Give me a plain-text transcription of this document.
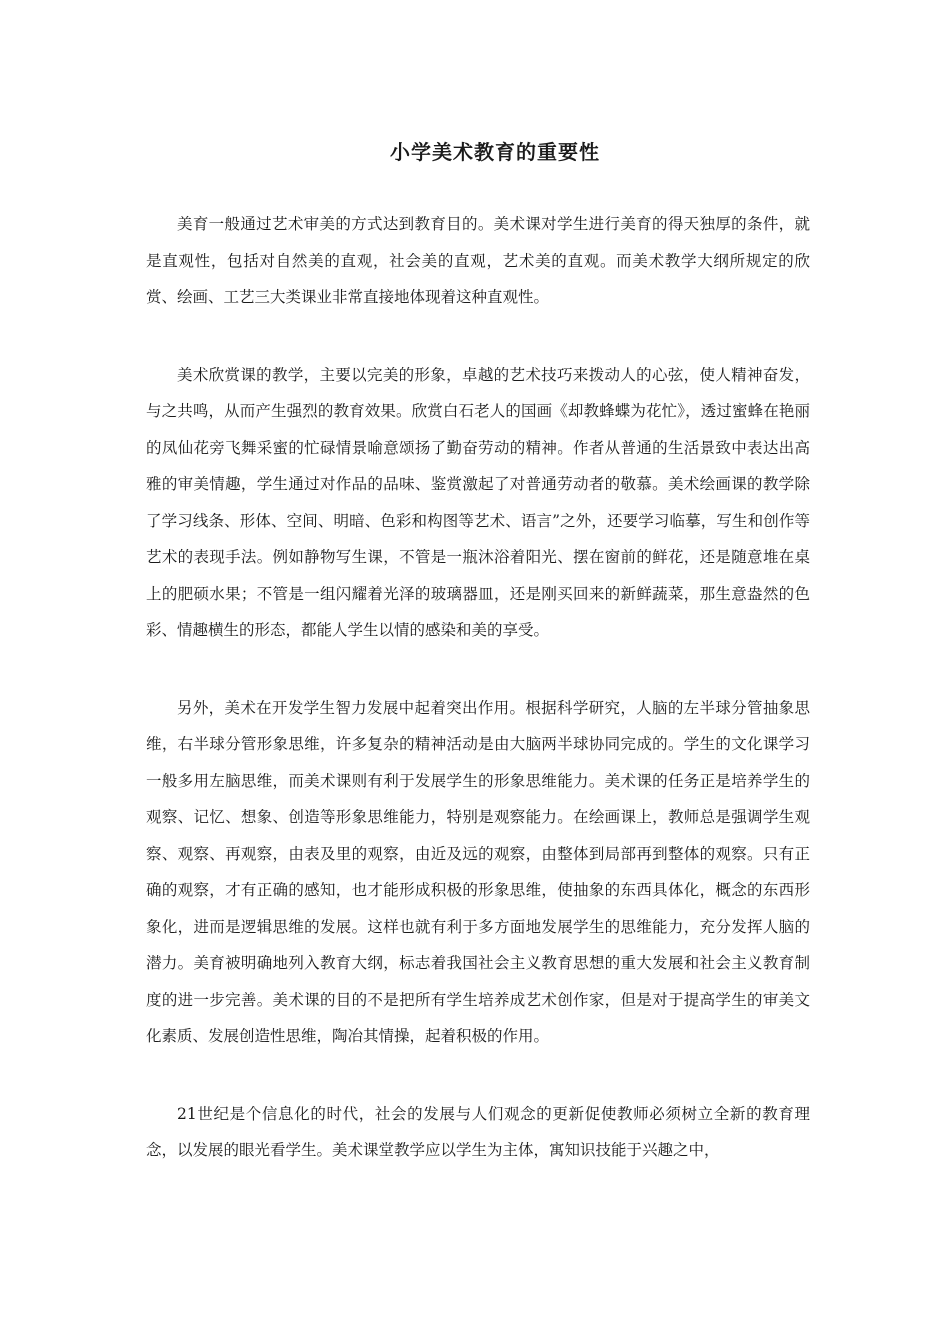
小学美术教育的重要性

美育一般通过艺术审美的方式达到教育目的。美术课对学生进行美育的得天独厚的条件，就是直观性，包括对自然美的直观，社会美的直观，艺术美的直观。而美术教学大纲所规定的欣赏、绘画、工艺三大类课业非常直接地体现着这种直观性。

美术欣赏课的教学，主要以完美的形象，卓越的艺术技巧来拨动人的心弦，使人精神奋发，与之共鸣，从而产生强烈的教育效果。欣赏白石老人的国画《却教蜂蝶为花忙》，透过蜜蜂在艳丽的凤仙花旁飞舞采蜜的忙碌情景喻意颂扬了勤奋劳动的精神。作者从普通的生活景致中表达出高雅的审美情趣，学生通过对作品的品味、鉴赏激起了对普通劳动者的敬慕。美术绘画课的教学除了学习线条、形体、空间、明暗、色彩和构图等艺术、语言”之外，还要学习临摹，写生和创作等艺术的表现手法。例如静物写生课，不管是一瓶沐浴着阳光、摆在窗前的鲜花，还是随意堆在桌上的肥硕水果；不管是一组闪耀着光泽的玻璃器皿，还是刚买回来的新鲜蔬菜，那生意盎然的色彩、情趣横生的形态，都能人学生以情的感染和美的享受。

另外，美术在开发学生智力发展中起着突出作用。根据科学研究，人脑的左半球分管抽象思维，右半球分管形象思维，许多复杂的精神活动是由大脑两半球协同完成的。学生的文化课学习一般多用左脑思维，而美术课则有利于发展学生的形象思维能力。美术课的任务正是培养学生的观察、记忆、想象、创造等形象思维能力，特别是观察能力。在绘画课上，教师总是强调学生观察、观察、再观察，由表及里的观察，由近及远的观察，由整体到局部再到整体的观察。只有正确的观察，才有正确的感知，也才能形成积极的形象思维，使抽象的东西具体化，概念的东西形象化，进而是逻辑思维的发展。这样也就有利于多方面地发展学生的思维能力，充分发挥人脑的潜力。美育被明确地列入教育大纲，标志着我国社会主义教育思想的重大发展和社会主义教育制度的进一步完善。美术课的目的不是把所有学生培养成艺术创作家，但是对于提高学生的审美文化素质、发展创造性思维，陶冶其情操，起着积极的作用。

21世纪是个信息化的时代，社会的发展与人们观念的更新促使教师必须树立全新的教育理念，以发展的眼光看学生。美术课堂教学应以学生为主体，寓知识技能于兴趣之中，
